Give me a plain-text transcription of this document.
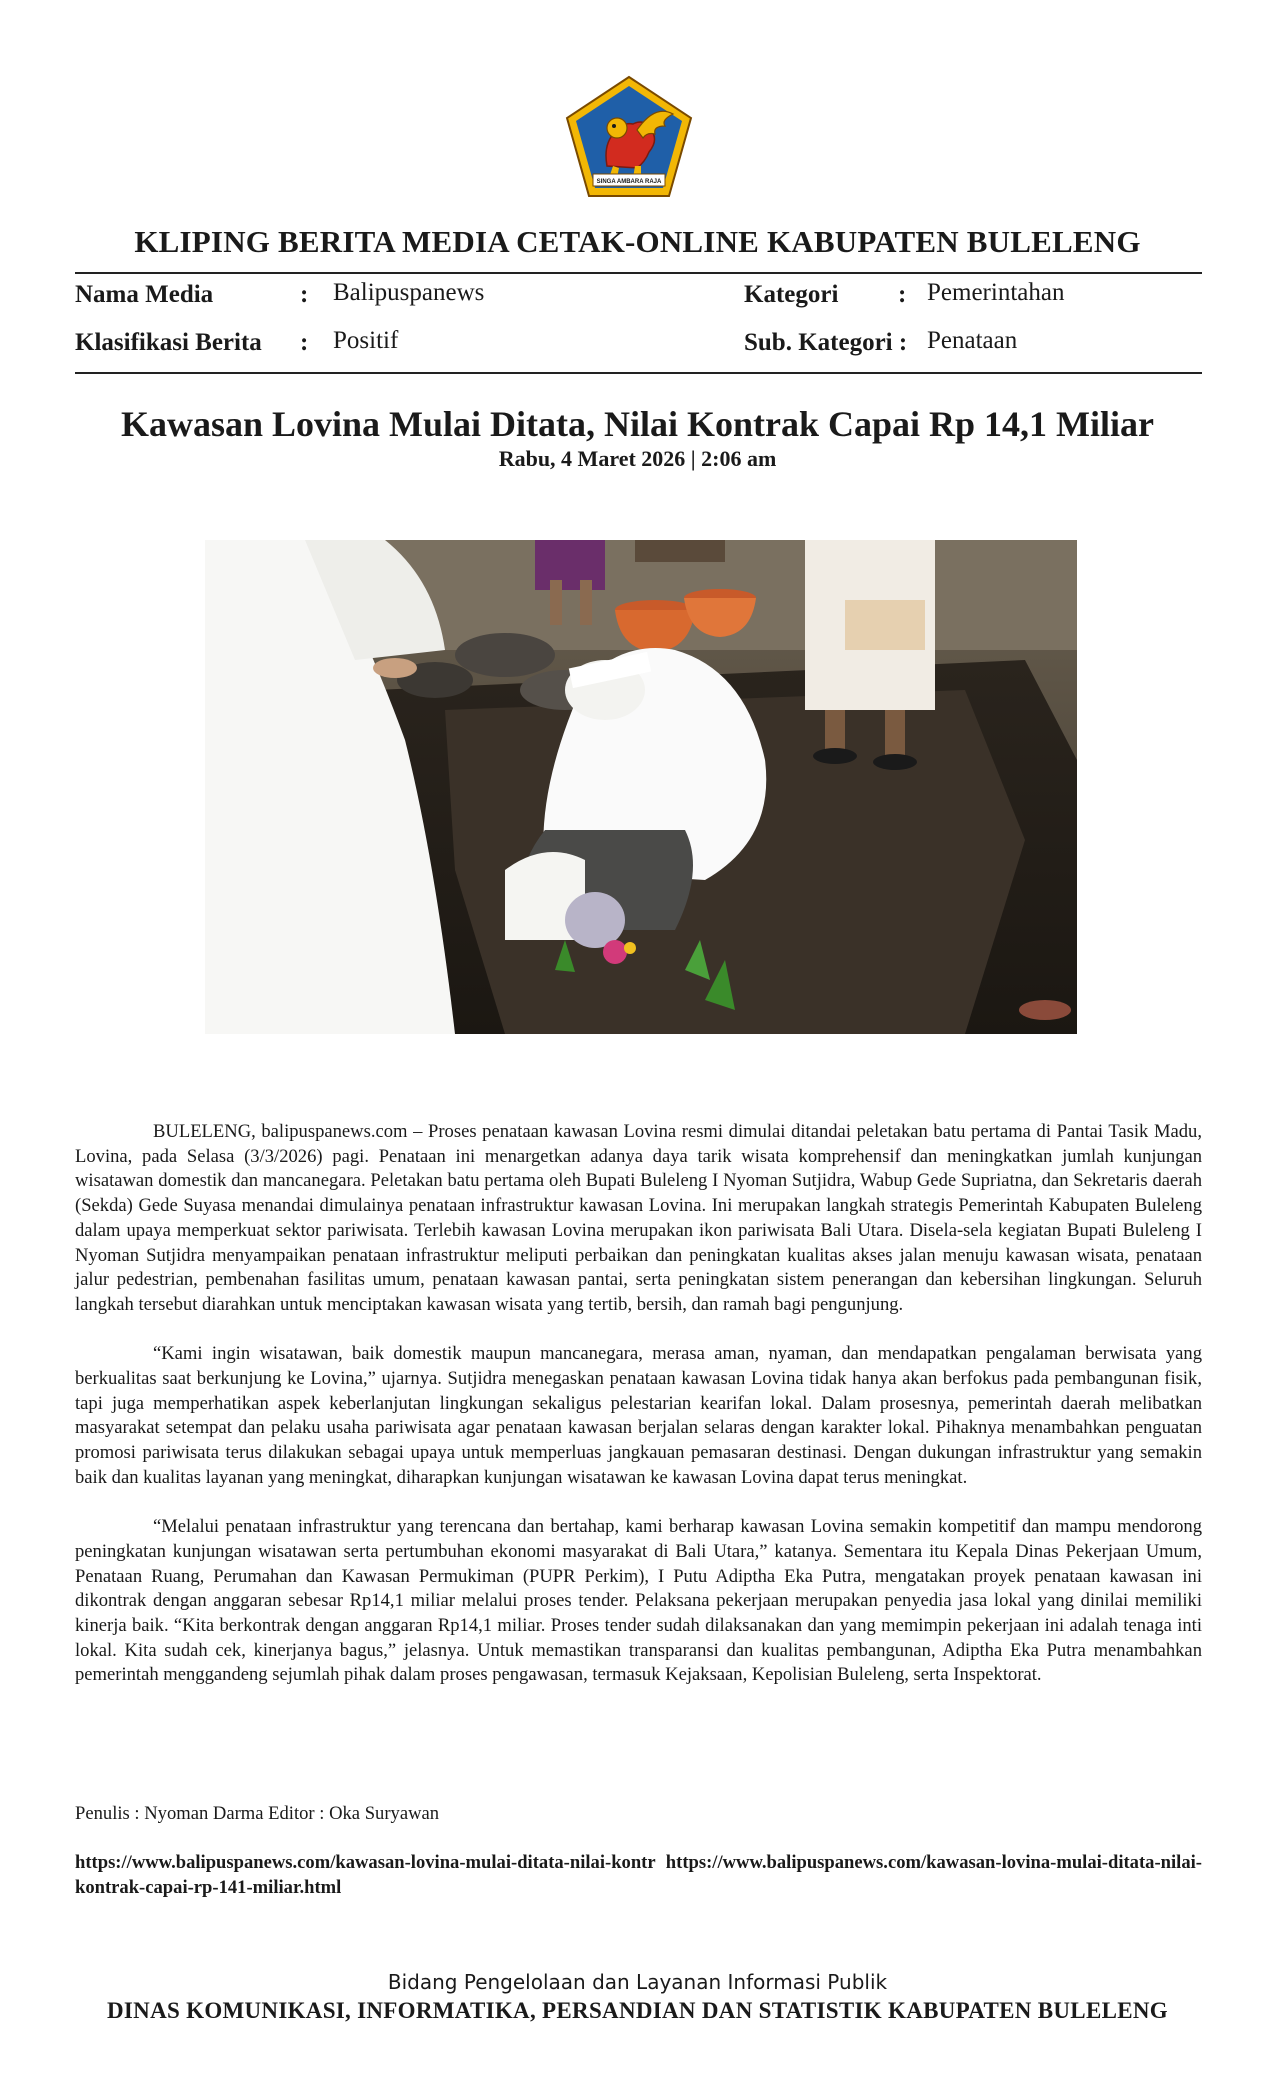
SINGA AMBARA RAJA
KLIPING BERITA MEDIA CETAK-ONLINE KABUPATEN BULELENG
Nama Media	: Balipuspanews
Klasifikasi Berita : Positif
Kategori : Pemerintahan
Sub. Kategori : Penataan
Kawasan Lovina Mulai Ditata, Nilai Kontrak Capai Rp 14,1 Miliar
Rabu, 4 Maret 2026 | 2:06 am

BULELENG, balipuspanews.com – Proses penataan kawasan Lovina resmi dimulai ditandai peletakan batu pertama di Pantai Tasik Madu, Lovina, pada Selasa (3/3/2026) pagi. Penataan ini menargetkan adanya daya tarik wisata komprehensif dan meningkatkan jumlah kunjungan wisatawan domestik dan mancanegara. Peletakan batu pertama oleh Bupati Buleleng I Nyoman Sutjidra, Wabup Gede Supriatna, dan Sekretaris daerah (Sekda) Gede Suyasa menandai dimulainya penataan infrastruktur kawasan Lovina. Ini merupakan langkah strategis Pemerintah Kabupaten Buleleng dalam upaya memperkuat sektor pariwisata. Terlebih kawasan Lovina merupakan ikon pariwisata Bali Utara. Disela-sela kegiatan Bupati Buleleng I Nyoman Sutjidra menyampaikan penataan infrastruktur meliputi perbaikan dan peningkatan kualitas akses jalan menuju kawasan wisata, penataan jalur pedestrian, pembenahan fasilitas umum, penataan kawasan pantai, serta peningkatan sistem penerangan dan kebersihan lingkungan. Seluruh langkah tersebut diarahkan untuk menciptakan kawasan wisata yang tertib, bersih, dan ramah bagi pengunjung.

“Kami ingin wisatawan, baik domestik maupun mancanegara, merasa aman, nyaman, dan mendapatkan pengalaman berwisata yang berkualitas saat berkunjung ke Lovina,” ujarnya. Sutjidra menegaskan penataan kawasan Lovina tidak hanya akan berfokus pada pembangunan fisik, tapi juga memperhatikan aspek keberlanjutan lingkungan sekaligus pelestarian kearifan lokal. Dalam prosesnya, pemerintah daerah melibatkan masyarakat setempat dan pelaku usaha pariwisata agar penataan kawasan berjalan selaras dengan karakter lokal. Pihaknya menambahkan penguatan promosi pariwisata terus dilakukan sebagai upaya untuk memperluas jangkauan pemasaran destinasi. Dengan dukungan infrastruktur yang semakin baik dan kualitas layanan yang meningkat, diharapkan kunjungan wisatawan ke kawasan Lovina dapat terus meningkat.

“Melalui penataan infrastruktur yang terencana dan bertahap, kami berharap kawasan Lovina semakin kompetitif dan mampu mendorong peningkatan kunjungan wisatawan serta pertumbuhan ekonomi masyarakat di Bali Utara,” katanya. Sementara itu Kepala Dinas Pekerjaan Umum, Penataan Ruang, Perumahan dan Kawasan Permukiman (PUPR Perkim), I Putu Adiptha Eka Putra, mengatakan proyek penataan kawasan ini dikontrak dengan anggaran sebesar Rp14,1 miliar melalui proses tender. Pelaksana pekerjaan merupakan penyedia jasa lokal yang dinilai memiliki kinerja baik. “Kita berkontrak dengan anggaran Rp14,1 miliar. Proses tender sudah dilaksanakan dan yang memimpin pekerjaan ini adalah tenaga inti lokal. Kita sudah cek, kinerjanya bagus,” jelasnya. Untuk memastikan transparansi dan kualitas pembangunan, Adiptha Eka Putra menambahkan pemerintah menggandeng sejumlah pihak dalam proses pengawasan, termasuk Kejaksaan, Kepolisian Buleleng, serta Inspektorat.

Penulis : Nyoman Darma Editor : Oka Suryawan
https://www.balipuspanews.com/kawasan-lovina-mulai-ditata-nilai-kontr https://www.balipuspanews.com/kawasan-lovina-mulai-ditata-nilai-kontrak-capai-rp-141-miliar.html
Bidang Pengelolaan dan Layanan Informasi Publik
DINAS KOMUNIKASI, INFORMATIKA, PERSANDIAN DAN STATISTIK KABUPATEN BULELENG
